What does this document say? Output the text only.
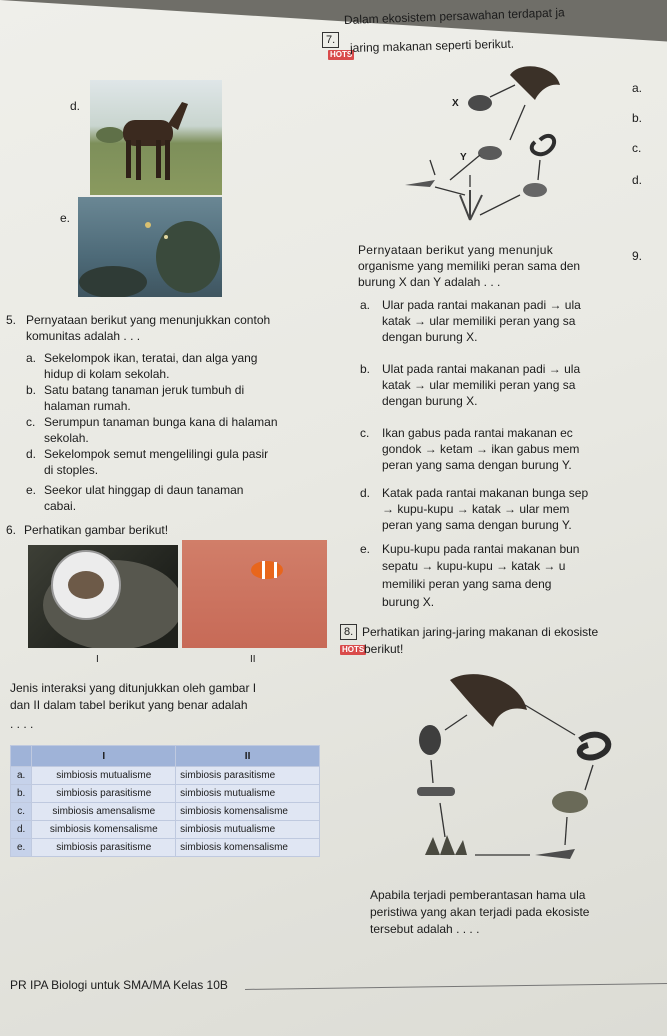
7.
Dalam ekosistem persawahan terdapat ja
HOTS
jaring makanan seperti berikut.
d.
e.
X
Y
a.
b.
c.
d.
9.
Pernyataan berikut yang menunjuk
organisme yang memiliki peran sama den
burung X dan Y adalah . . .
a. Ular pada rantai makanan padi → ula
katak → ular memiliki peran yang sa
dengan burung X.
b. Ulat pada rantai makanan padi → ula
katak → ular memiliki peran yang sa
dengan burung X.
c. Ikan gabus pada rantai makanan ec
gondok → ketam → ikan gabus mem
peran yang sama dengan burung Y.
d. Katak pada rantai makanan bunga sep
→ kupu-kupu → katak → ular mem
peran yang sama dengan burung Y.
e. Kupu-kupu pada rantai makanan bun
sepatu → kupu-kupu → katak → u
memiliki peran yang sama deng
burung X.
5. Pernyataan berikut yang menunjukkan contoh
komunitas adalah . . .
a. Sekelompok ikan, teratai, dan alga yang
hidup di kolam sekolah.
b. Satu batang tanaman jeruk tumbuh di
halaman rumah.
c. Serumpun tanaman bunga kana di halaman
sekolah.
d. Sekelompok semut mengelilingi gula pasir
di stoples.
e. Seekor ulat hinggap di daun tanaman
cabai.
6. Perhatikan gambar berikut!
I	II
Jenis interaksi yang ditunjukkan oleh gambar I
dan II dalam tabel berikut yang benar adalah
. . . .
	I	II
a.	simbiosis mutualisme	simbiosis parasitisme
b.	simbiosis parasitisme	simbiosis mutualisme
c.	simbiosis amensalisme	simbiosis komensalisme
d.	simbiosis komensalisme	simbiosis mutualisme
e.	simbiosis parasitisme	simbiosis komensalisme
8. Perhatikan jaring-jaring makanan di ekosiste
HOTS berikut!
Apabila terjadi pemberantasan hama ula
peristiwa yang akan terjadi pada ekosiste
tersebut adalah . . . .
PR IPA Biologi untuk SMA/MA Kelas 10B
